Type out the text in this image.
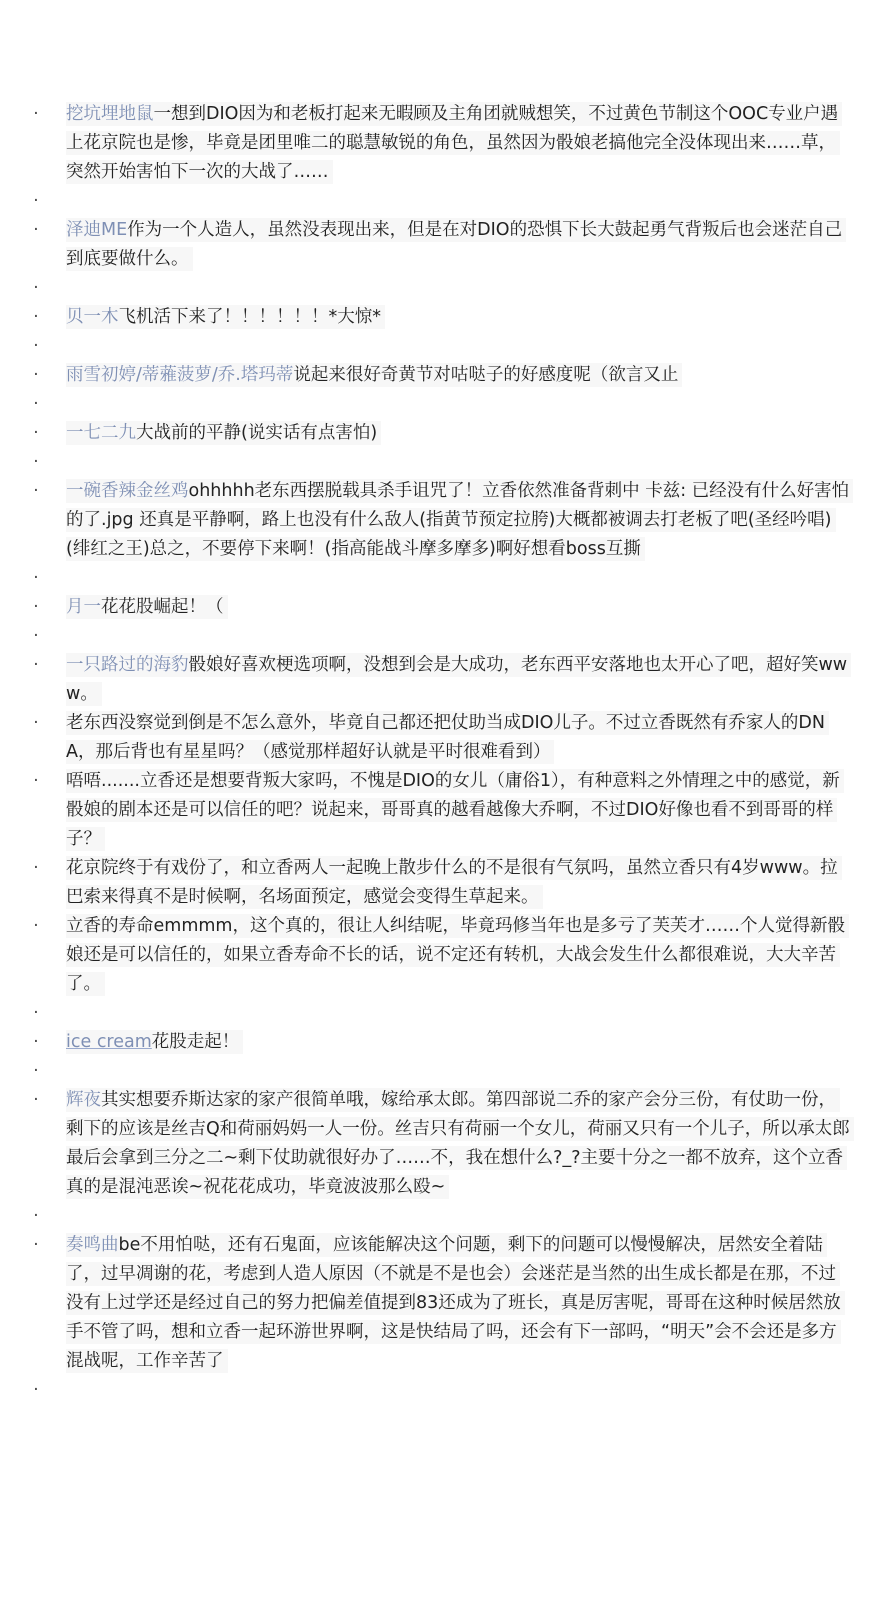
· 挖坑埋地鼠一想到DIO因为和老板打起来无暇顾及主角团就贼想笑，不过黄色节制这个OOC专业户遇上花京院也是惨，毕竟是团里唯二的聪慧敏锐的角色，虽然因为骰娘老搞他完全没体现出来……草，突然开始害怕下一次的大战了……
·
· 泽迪ME作为一个人造人，虽然没表现出来，但是在对DIO的恐惧下长大鼓起勇气背叛后也会迷茫自己到底要做什么。
·
· 贝一木飞机活下来了！！！！！！*大惊*
·
· 雨雪初婷/蒂蕥菠萝/乔.塔玛蒂说起来很好奇黄节对咕哒子的好感度呢（欲言又止
·
· 一七二九大战前的平静(说实话有点害怕)
·
· 一碗香辣金丝鸡ohhhhh老东西摆脱载具杀手诅咒了！立香依然准备背刺中 卡兹: 已经没有什么好害怕的了.jpg 还真是平静啊，路上也没有什么敌人(指黄节预定拉胯)大概都被调去打老板了吧(圣经吟唱)(绯红之王)总之，不要停下来啊！(指高能战斗摩多摩多)啊好想看boss互撕
·
· 月一花花股崛起！（
·
· 一只路过的海豹骰娘好喜欢梗选项啊，没想到会是大成功，老东西平安落地也太开心了吧，超好笑www。
· 老东西没察觉到倒是不怎么意外，毕竟自己都还把仗助当成DIO儿子。不过立香既然有乔家人的DNA，那后背也有星星吗？（感觉那样超好认就是平时很难看到）
· 唔唔.......立香还是想要背叛大家吗，不愧是DIO的女儿（庸俗1），有种意料之外情理之中的感觉，新骰娘的剧本还是可以信任的吧？说起来，哥哥真的越看越像大乔啊，不过DIO好像也看不到哥哥的样子？
· 花京院终于有戏份了，和立香两人一起晚上散步什么的不是很有气氛吗，虽然立香只有4岁www。拉巴索来得真不是时候啊，名场面预定，感觉会变得生草起来。
· 立香的寿命emmmm，这个真的，很让人纠结呢，毕竟玛修当年也是多亏了芙芙才……个人觉得新骰娘还是可以信任的，如果立香寿命不长的话，说不定还有转机，大战会发生什么都很难说，大大辛苦了。
·
· ice cream花股走起！
·
· 辉夜其实想要乔斯达家的家产很简单哦，嫁给承太郎。第四部说二乔的家产会分三份，有仗助一份，剩下的应该是丝吉Q和荷丽妈妈一人一份。丝吉只有荷丽一个女儿，荷丽又只有一个儿子，所以承太郎最后会拿到三分之二~剩下仗助就很好办了……不，我在想什么?_?主要十分之一都不放弃，这个立香真的是混沌恶诶~祝花花成功，毕竟波波那么殴~
·
· 奏鸣曲be不用怕哒，还有石鬼面，应该能解决这个问题，剩下的问题可以慢慢解决，居然安全着陆了，过早凋谢的花，考虑到人造人原因（不就是不是也会）会迷茫是当然的出生成长都是在那，不过没有上过学还是经过自己的努力把偏差值提到83还成为了班长，真是厉害呢，哥哥在这种时候居然放手不管了吗，想和立香一起环游世界啊，这是快结局了吗，还会有下一部吗，“明天”会不会还是多方混战呢，工作辛苦了
·
